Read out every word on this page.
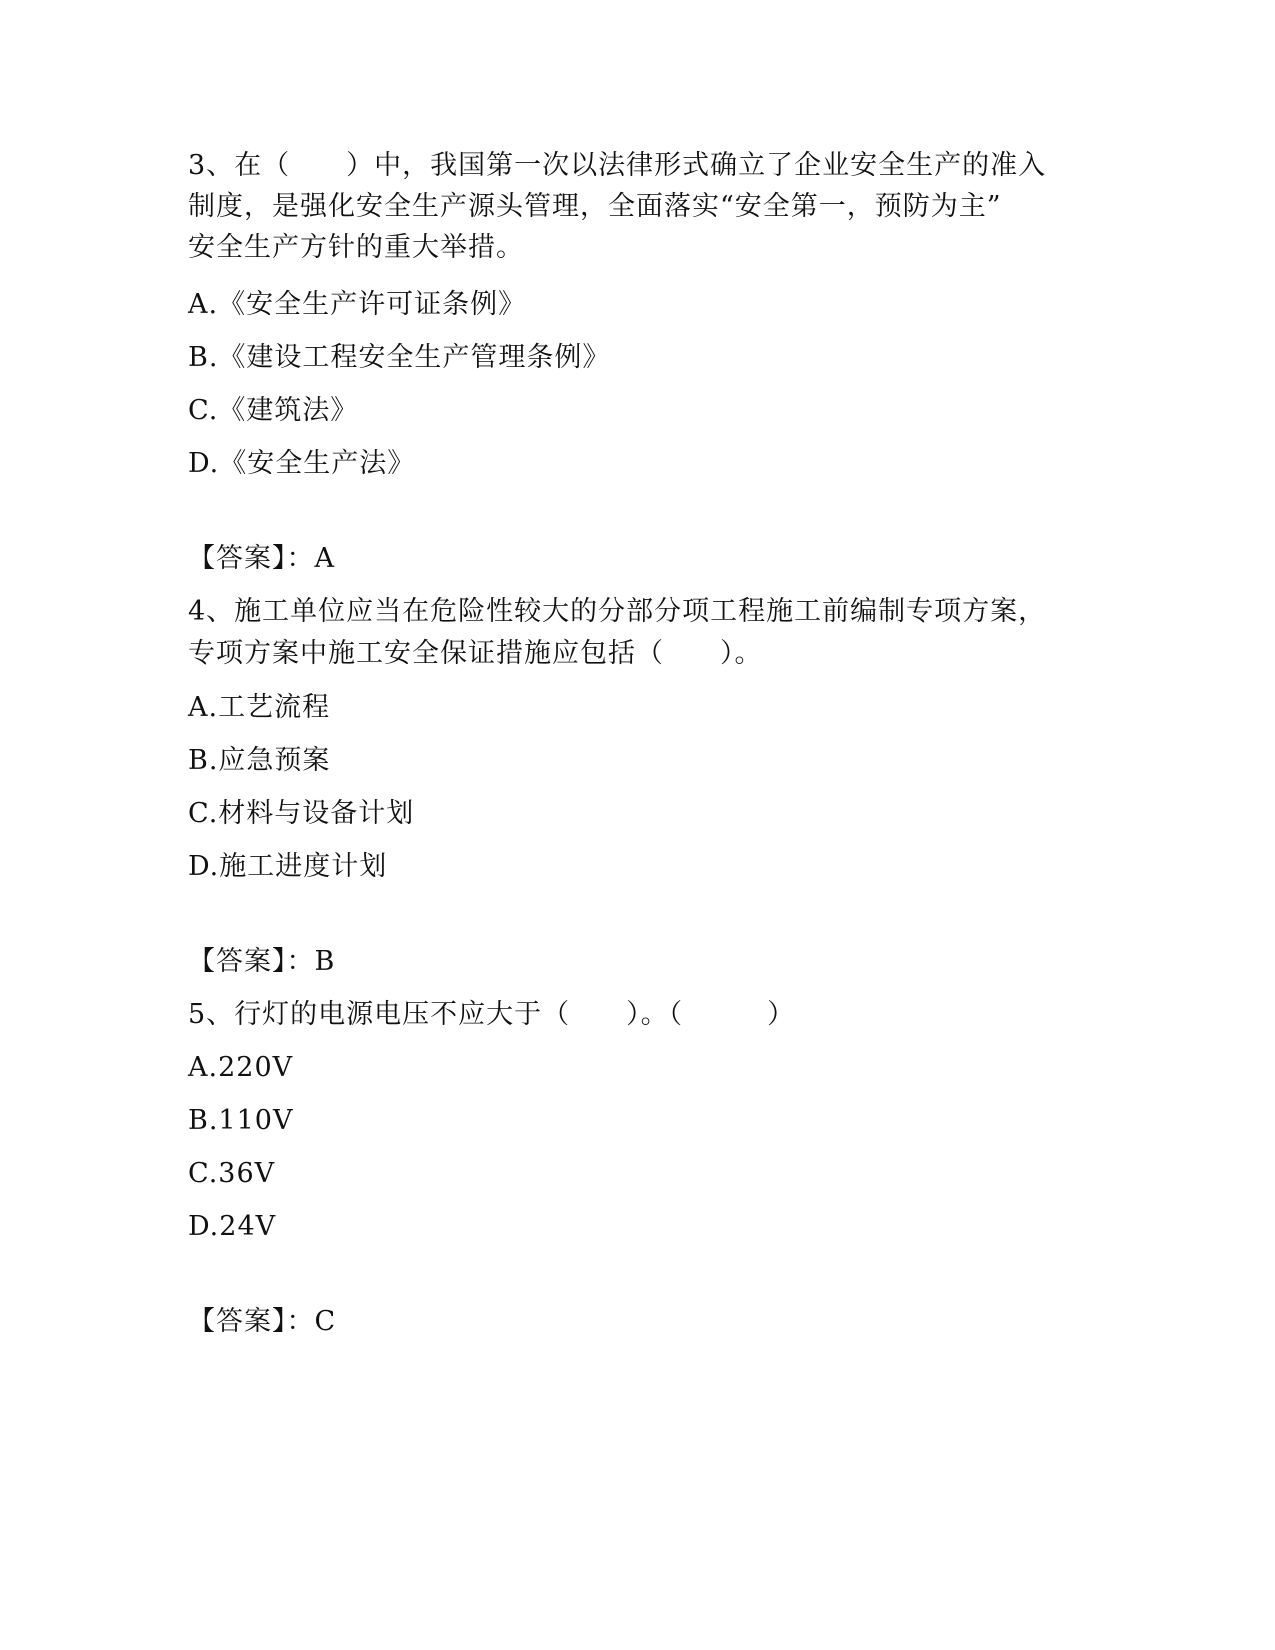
3、在（　　）中，我国第一次以法律形式确立了企业安全生产的准入
制度，是强化安全生产源头管理，全面落实“安全第一，预防为主”
安全生产方针的重大举措。
A.《安全生产许可证条例》
B.《建设工程安全生产管理条例》
C.《建筑法》
D.《安全生产法》
【答案】：A
4、施工单位应当在危险性较大的分部分项工程施工前编制专项方案，
专项方案中施工安全保证措施应包括（　　）。
A.工艺流程
B.应急预案
C.材料与设备计划
D.施工进度计划
【答案】：B
5、行灯的电源电压不应大于（　　）。（　　　）
A.220V
B.110V
C.36V
D.24V
【答案】：C
